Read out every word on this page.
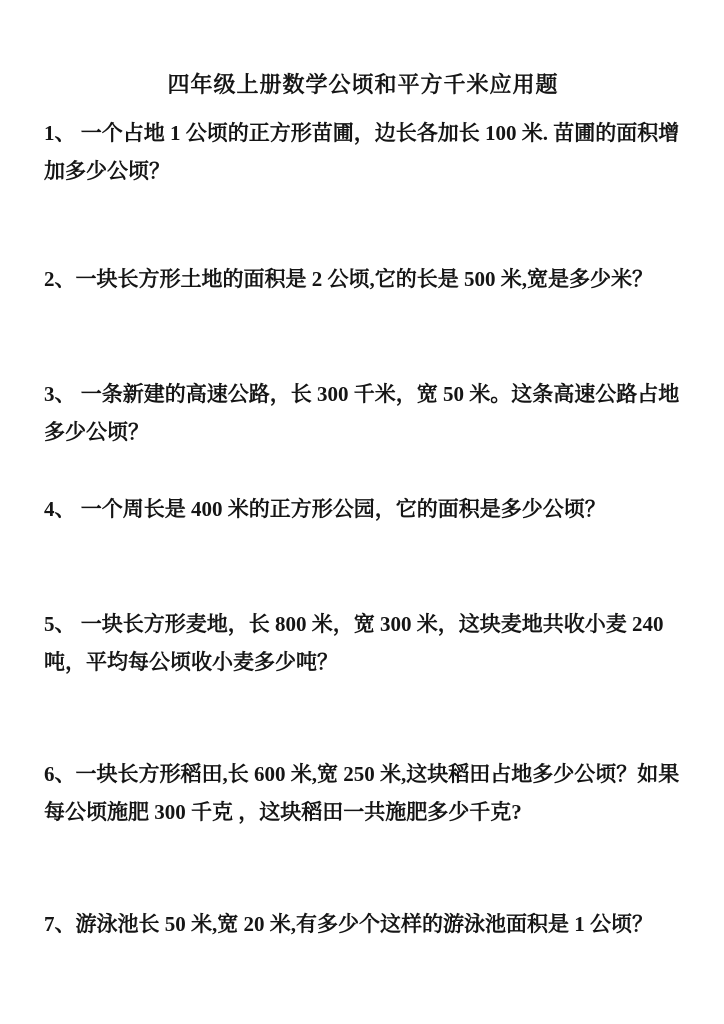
四年级上册数学公顷和平方千米应用题

1、 一个占地 1 公顷的正方形苗圃，边长各加长 100 米. 苗圃的面积增加多少公顷？

2、一块长方形土地的面积是 2 公顷,它的长是 500 米,宽是多少米？

3、 一条新建的高速公路，长 300 千米，宽 50 米。这条高速公路占地多少公顷？

4、 一个周长是 400 米的正方形公园，它的面积是多少公顷？

5、 一块长方形麦地，长 800 米，宽 300 米，这块麦地共收小麦 240 吨，平均每公顷收小麦多少吨？

6、一块长方形稻田,长 600 米,宽 250 米,这块稻田占地多少公顷？如果每公顷施肥 300 千克 ，这块稻田一共施肥多少千克?

7、游泳池长 50 米,宽 20 米,有多少个这样的游泳池面积是 1 公顷？
